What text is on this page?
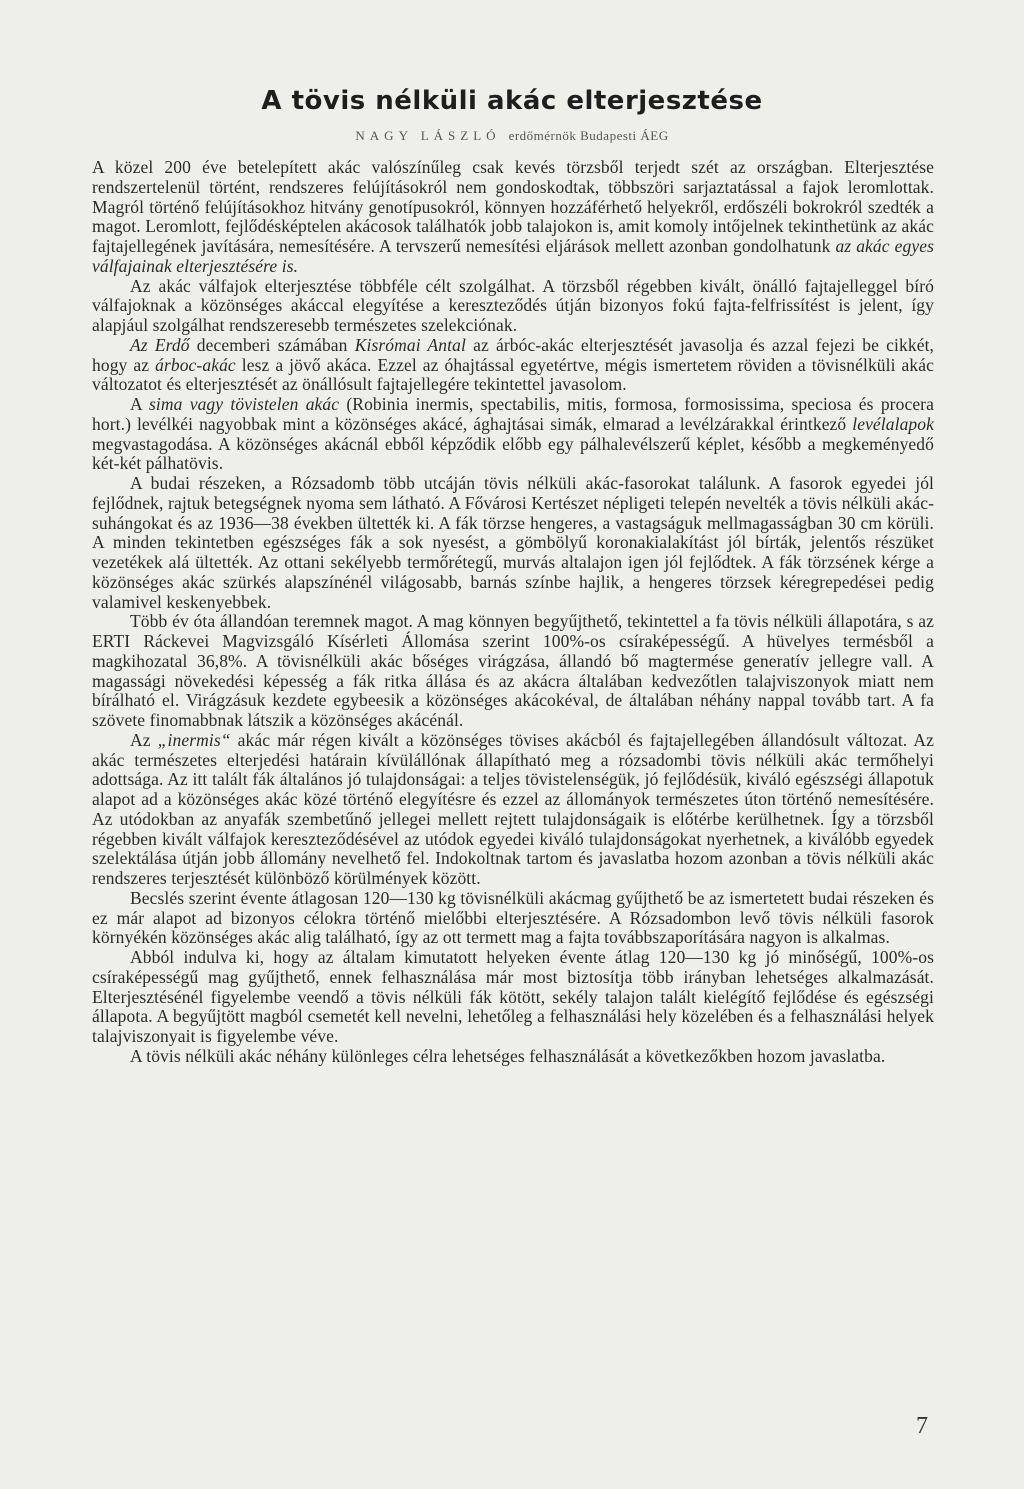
A tövis nélküli akác elterjesztése
NAGY LÁSZLÓ erdőmérnök Budapesti ÁEG

A közel 200 éve betelepített akác valószínűleg csak kevés törzsből terjedt szét az országban. Elterjesztése rendszertelenül történt, rendszeres felújításokról nem gondoskodtak, többszöri sarjaztatással a fajok leromlottak. Magról történő felújításokhoz hitvány genotípusokról, könnyen hozzáférhető helyekről, erdőszéli bokrokról szedték a magot. Leromlott, fejlődésképtelen akácosok találhatók jobb talajokon is, amit komoly intőjelnek tekinthetünk az akác fajtajellegének javítására, nemesítésére. A tervszerű nemesítési eljárások mellett azonban gondolhatunk az akác egyes válfajainak elterjesztésére is.

Az akác válfajok elterjesztése többféle célt szolgálhat. A törzsből régebben kivált, önálló fajtajelleggel bíró válfajoknak a közönséges akáccal elegyítése a kereszteződés útján bizonyos fokú fajta-felfrissítést is jelent, így alapjául szolgálhat rendszeresebb természetes szelekciónak.

Az Erdő decemberi számában Kisrómai Antal az árbóc-akác elterjesztését javasolja és azzal fejezi be cikkét, hogy az árboc-akác lesz a jövő akáca. Ezzel az óhajtással egyetértve, mégis ismertetem röviden a tövisnélküli akác változatot és elterjesztését az önállósult fajtajellegére tekintettel javasolom.

A sima vagy tövistelen akác (Robinia inermis, spectabilis, mitis, formosa, formosissima, speciosa és procera hort.) levélkéi nagyobbak mint a közönséges akácé, ághajtásai simák, elmarad a levélzárakkal érintkező levélalapok megvastagodása. A közönséges akácnál ebből képződik előbb egy pálhalevélszerű képlet, később a megkeményedő két-két pálhatövis.

A budai részeken, a Rózsadomb több utcáján tövis nélküli akác-fasorokat találunk. A fasorok egyedei jól fejlődnek, rajtuk betegségnek nyoma sem látható. A Fővárosi Kertészet népligeti telepén nevelték a tövis nélküli akác-suhángokat és az 1936—38 években ültették ki. A fák törzse hengeres, a vastagságuk mellmagasságban 30 cm körüli. A minden tekintetben egészséges fák a sok nyesést, a gömbölyű koronakialakítást jól bírták, jelentős részüket vezetékek alá ültették. Az ottani sekélyebb termőrétegű, murvás altalajon igen jól fejlődtek. A fák törzsének kérge a közönséges akác szürkés alapszínénél világosabb, barnás színbe hajlik, a hengeres törzsek kéregrepedései pedig valamivel keskenyebbek.

Több év óta állandóan teremnek magot. A mag könnyen begyűjthető, tekintettel a fa tövis nélküli állapotára, s az ERTI Ráckevei Magvizsgáló Kísérleti Állomása szerint 100%-os csíraképességű. A hüvelyes termésből a magkihozatal 36,8%. A tövisnélküli akác bőséges virágzása, állandó bő magtermése generatív jellegre vall. A magassági növekedési képesség a fák ritka állása és az akácra általában kedvezőtlen talajviszonyok miatt nem bírálható el. Virágzásuk kezdete egybeesik a közönséges akácokéval, de általában néhány nappal tovább tart. A fa szövete finomabbnak látszik a közönséges akácénál.

Az „inermis“ akác már régen kivált a közönséges tövises akácból és fajtajellegében állandósult változat. Az akác természetes elterjedési határain kívülállónak állapítható meg a rózsadombi tövis nélküli akác termőhelyi adottsága. Az itt talált fák általános jó tulajdonságai: a teljes tövistelenségük, jó fejlődésük, kiváló egészségi állapotuk alapot ad a közönséges akác közé történő elegyítésre és ezzel az állományok természetes úton történő nemesítésére. Az utódokban az anyafák szembetűnő jellegei mellett rejtett tulajdonságaik is előtérbe kerülhetnek. Így a törzsből régebben kivált válfajok kereszteződésével az utódok egyedei kiváló tulajdonságokat nyerhetnek, a kiválóbb egyedek szelektálása útján jobb állomány nevelhető fel. Indokoltnak tartom és javaslatba hozom azonban a tövis nélküli akác rendszeres terjesztését különböző körülmények között.

Becslés szerint évente átlagosan 120—130 kg tövisnélküli akácmag gyűjthető be az ismertetett budai részeken és ez már alapot ad bizonyos célokra történő mielőbbi elterjesztésére. A Rózsadombon levő tövis nélküli fasorok környékén közönséges akác alig található, így az ott termett mag a fajta továbbszaporítására nagyon is alkalmas.

Abból indulva ki, hogy az általam kimutatott helyeken évente átlag 120—130 kg jó minőségű, 100%-os csíraképességű mag gyűjthető, ennek felhasználása már most biztosítja több irányban lehetséges alkalmazását. Elterjesztésénél figyelembe veendő a tövis nélküli fák kötött, sekély talajon talált kielégítő fejlődése és egészségi állapota. A begyűjtött magból csemetét kell nevelni, lehetőleg a felhasználási hely közelében és a felhasználási helyek talajviszonyait is figyelembe véve.

A tövis nélküli akác néhány különleges célra lehetséges felhasználását a következőkben hozom javaslatba.

7
